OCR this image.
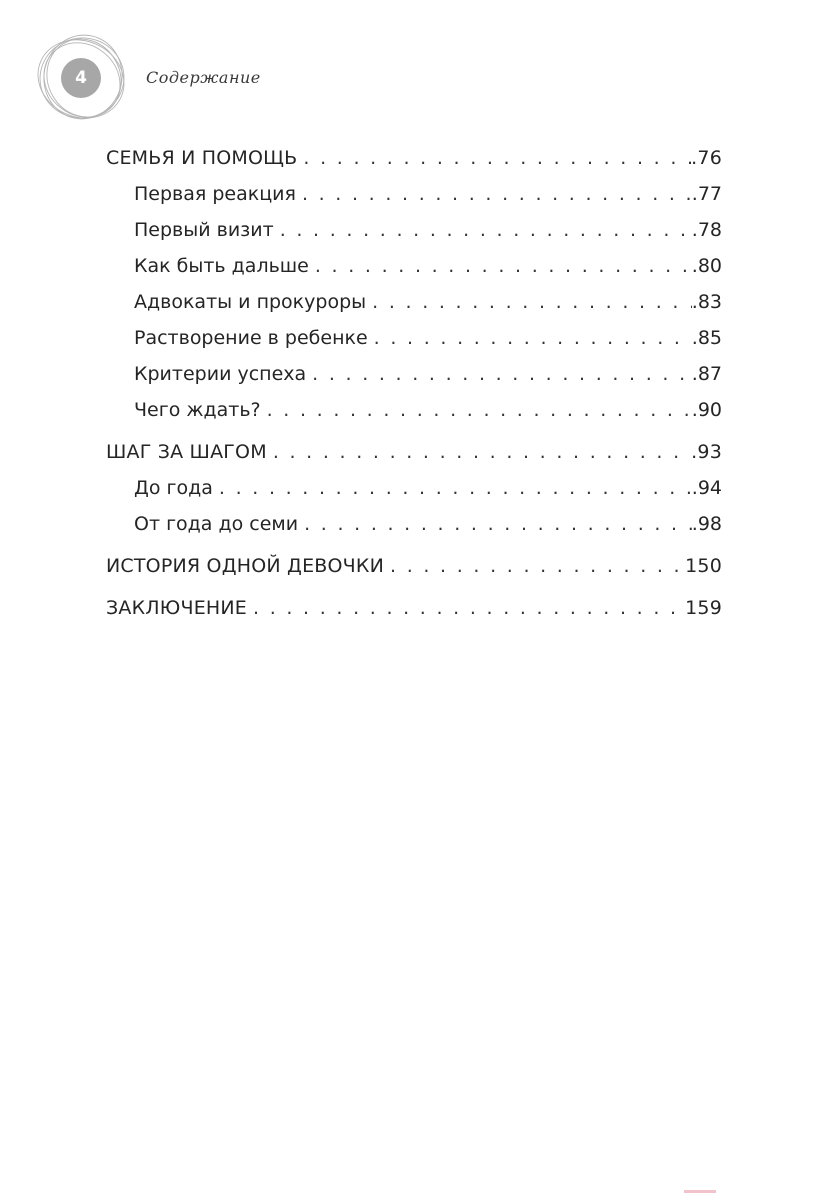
4	Содержание
СЕМЬЯ И ПОМОЩЬ . . .	.76
Первая реакция . . .	.77
Первый визит . . .	.78
Как быть дальше . . .	.80
Адвокаты и прокуроры . . .	.83
Растворение в ребенке . . .	.85
Критерии успеха . . .	.87
Чего ждать? . . .	.90
ШАГ ЗА ШАГОМ . . .	.93
До года . . .	.94
От года до семи . . .	.98
ИСТОРИЯ ОДНОЙ ДЕВОЧКИ . . .	150
ЗАКЛЮЧЕНИЕ . . .	159
